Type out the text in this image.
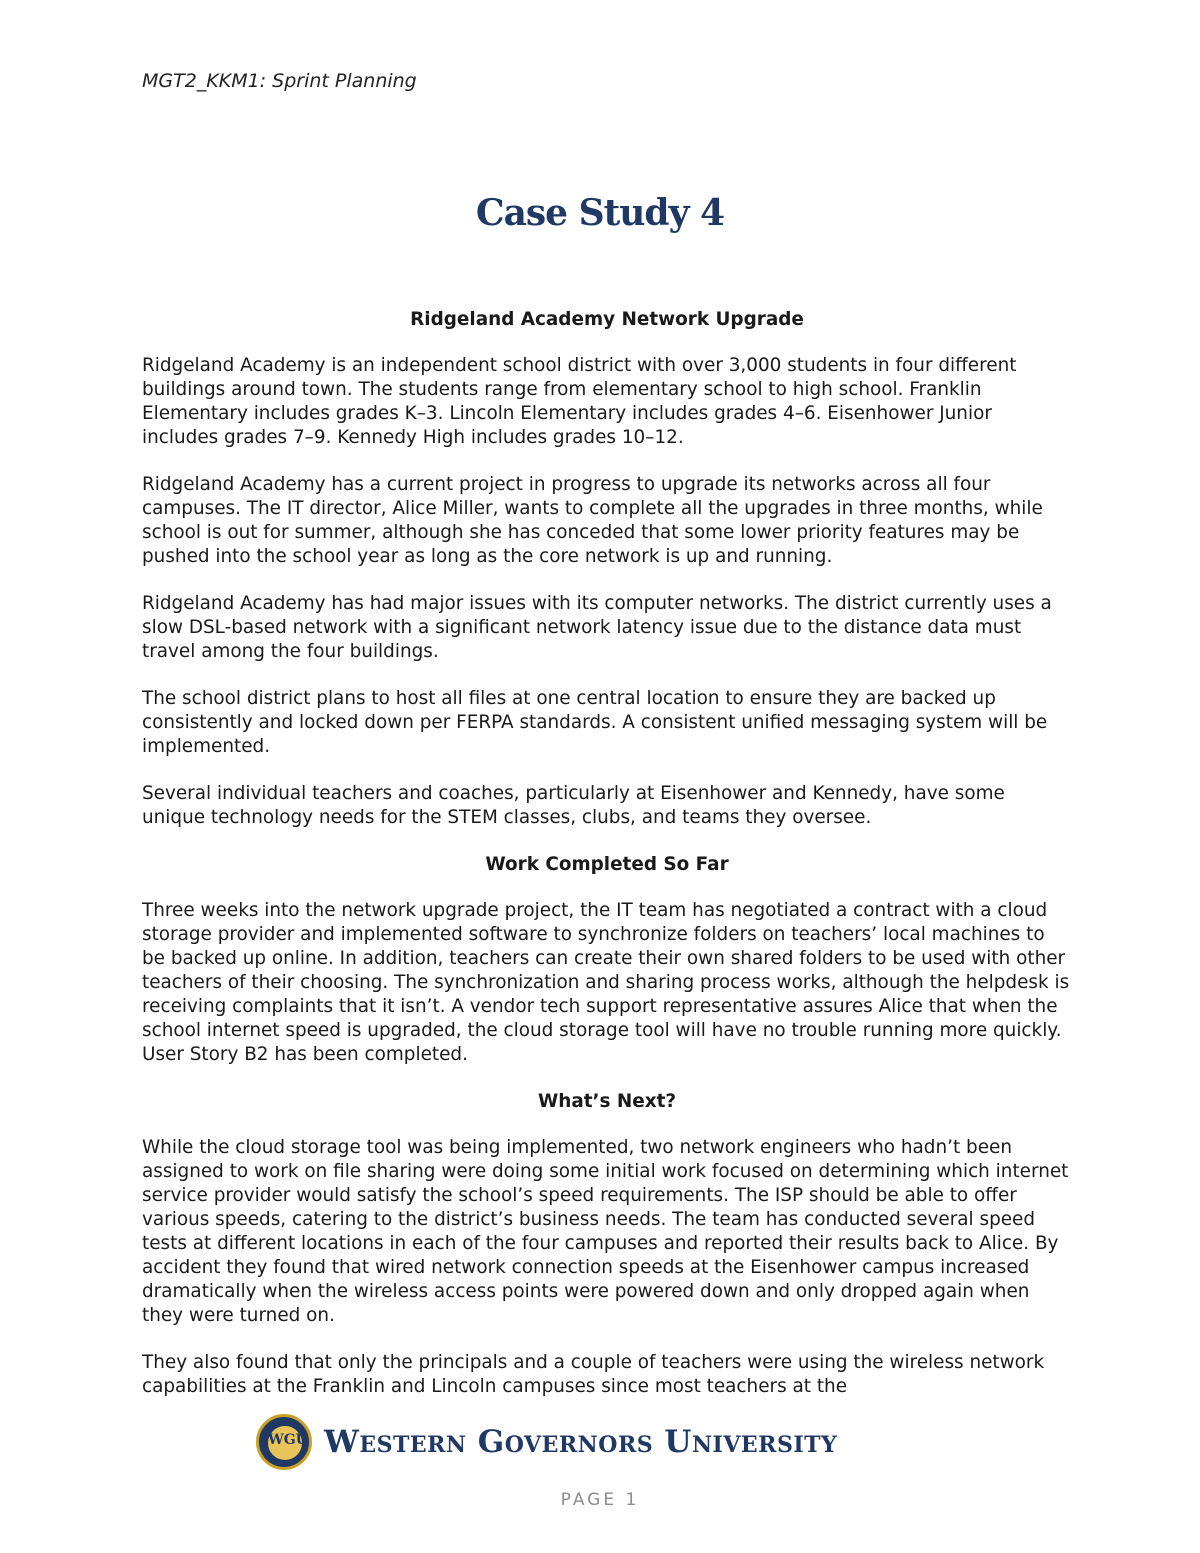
MGT2_KKM1: Sprint Planning
Case Study 4
Ridgeland Academy Network Upgrade

Ridgeland Academy is an independent school district with over 3,000 students in four different buildings around town. The students range from elementary school to high school. Franklin Elementary includes grades K–3. Lincoln Elementary includes grades 4–6. Eisenhower Junior includes grades 7–9. Kennedy High includes grades 10–12.

Ridgeland Academy has a current project in progress to upgrade its networks across all four campuses. The IT director, Alice Miller, wants to complete all the upgrades in three months, while school is out for summer, although she has conceded that some lower priority features may be pushed into the school year as long as the core network is up and running.

Ridgeland Academy has had major issues with its computer networks. The district currently uses a slow DSL-based network with a significant network latency issue due to the distance data must travel among the four buildings.

The school district plans to host all files at one central location to ensure they are backed up consistently and locked down per FERPA standards. A consistent unified messaging system will be implemented.

Several individual teachers and coaches, particularly at Eisenhower and Kennedy, have some unique technology needs for the STEM classes, clubs, and teams they oversee.

Work Completed So Far

Three weeks into the network upgrade project, the IT team has negotiated a contract with a cloud storage provider and implemented software to synchronize folders on teachers’ local machines to be backed up online. In addition, teachers can create their own shared folders to be used with other teachers of their choosing. The synchronization and sharing process works, although the helpdesk is receiving complaints that it isn’t. A vendor tech support representative assures Alice that when the school internet speed is upgraded, the cloud storage tool will have no trouble running more quickly. User Story B2 has been completed.

What’s Next?

While the cloud storage tool was being implemented, two network engineers who hadn’t been assigned to work on file sharing were doing some initial work focused on determining which internet service provider would satisfy the school’s speed requirements. The ISP should be able to offer various speeds, catering to the district’s business needs. The team has conducted several speed tests at different locations in each of the four campuses and reported their results back to Alice. By accident they found that wired network connection speeds at the Eisenhower campus increased dramatically when the wireless access points were powered down and only dropped again when they were turned on.

They also found that only the principals and a couple of teachers were using the wireless network capabilities at the Franklin and Lincoln campuses since most teachers at the

WGU Western Governors University
PAGE 1
